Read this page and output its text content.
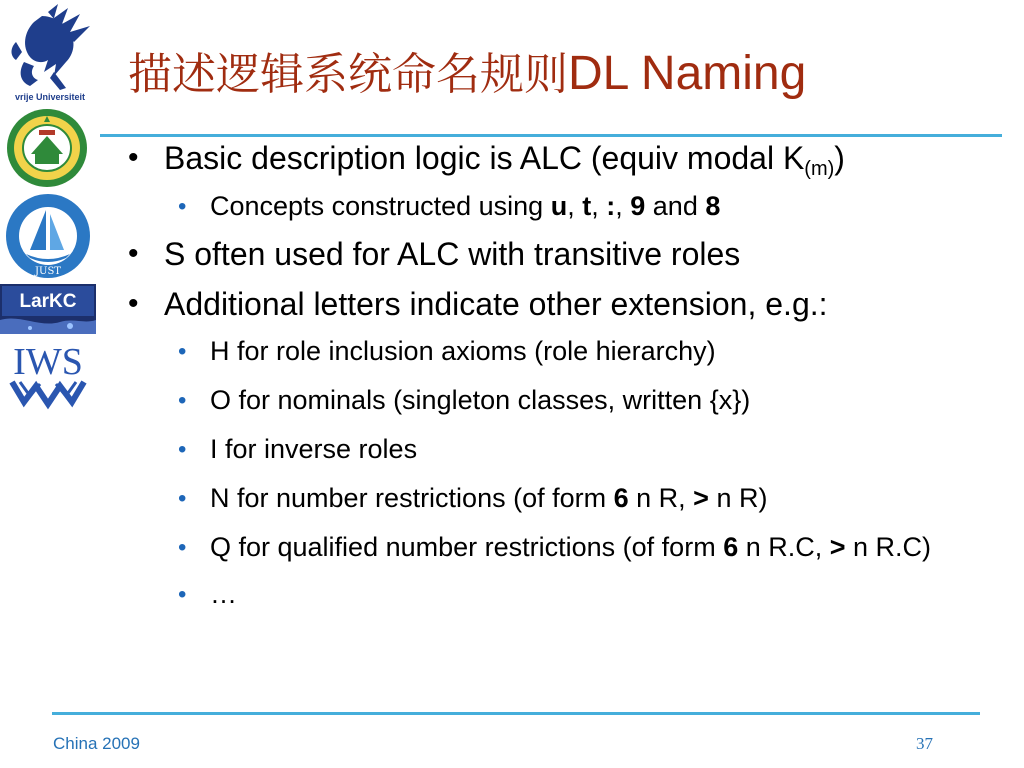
vrije Universiteit
JUST
LarKC
IWS
描述逻辑系统命名规则DL Naming
• Basic description logic is ALC (equiv modal K(m))
• Concepts constructed using u, t, :, 9 and 8
• S often used for ALC with transitive roles
• Additional letters indicate other extension, e.g.:
• H for role inclusion axioms (role hierarchy)
• O for nominals (singleton classes, written {x})
• I for inverse roles
• N for number restrictions (of form 6 n R, > n R)
• Q for qualified number restrictions (of form 6 n R.C, > n R.C)
• …
China 2009	37
